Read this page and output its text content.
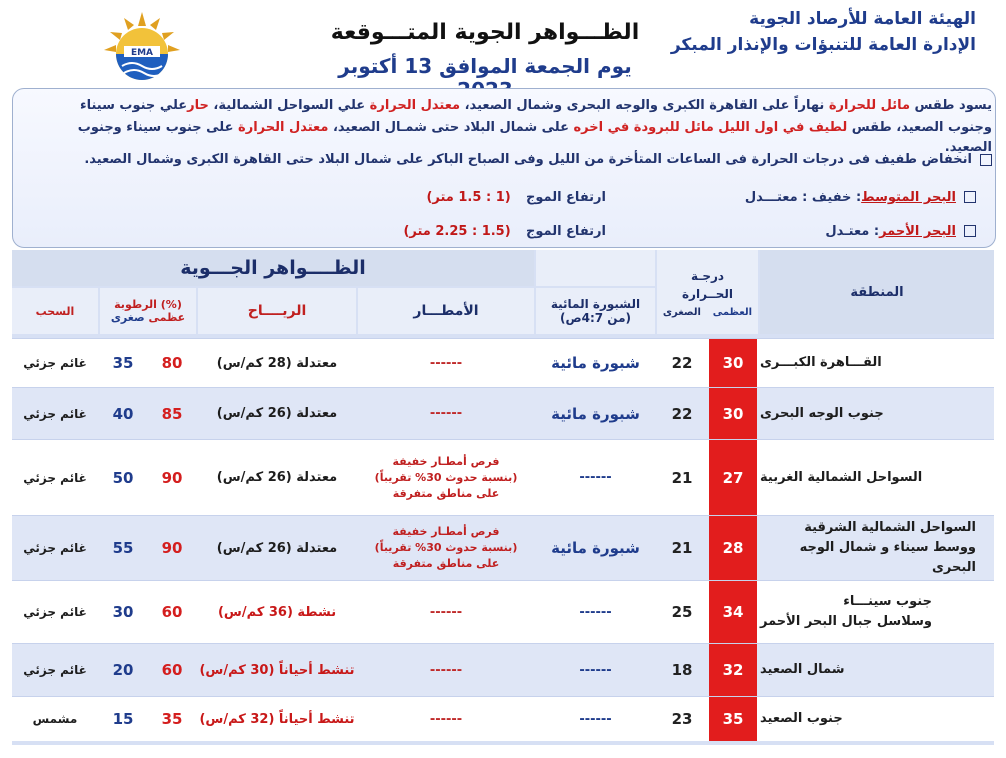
الهيئة العامة للأرصاد الجوية
الإدارة العامة للتنبؤات والإنذار المبكر
الظـــواهر الجوية المتـــوقعة
يوم الجمعة الموافق 13 أكتوبر
EMA
يسود طقس مائل للحرارة نهاراً على القاهرة الكبرى والوجه البحرى وشمال الصعيد، معتدل الحرارة علي السواحل الشمالية، حارعلي جنوب سيناء
وجنوب الصعيد، طقس لطيف في اول الليل مائل للبرودة في اخره على شمال البلاد حتى شمـال الصعيد، معتدل الحرارة على جنوب سيناء وجنوب الصعيد.
انخفاض طفيف فى درجات الحرارة فى الساعات المتأخرة من الليل وفى الصباح الباكر على شمال البلاد حتى القاهرة الكبرى وشمال الصعيد.
البحر المتوسط: خفيف : معتـــدل
ارتفاع الموج   (1 : 1.5 متر)
البحر الأحمر: معتـدل
ارتفاع الموج   (1.5 : 2.25 متر)
المنطقة
درجـة الحــرارة
الصغرى العظمى
الظــــواهر الجـــوية
الشبورة المائية
(من 4:7ص)
الأمطـــار
الريــــاح
الرطوبة (%)
عظمى صغرى
السحب
القـــاهرة الكبـــرى
30
22
شبورة مائية
------
معتدلة (28 كم/س)
80
35
غائم جزئي
جنوب الوجه البحرى
30
22
شبورة مائية
------
معتدلة (26 كم/س)
85
40
غائم جزئي
السواحل الشمالية الغربية
27
21
------
فرص أمطـار خفيفة
(بنسبة حدوث 30% تقريباً)
على مناطق متفرقة
معتدلة (26 كم/س)
90
50
غائم جزئي
السواحل الشمالية الشرقية
ووسط سيناء و شمال الوجه البحرى
28
21
شبورة مائية
فرص أمطـار خفيفة
(بنسبة حدوث 30% تقريباً)
على مناطق متفرقة
معتدلة (26 كم/س)
90
55
غائم جزئي
جنوب سينـــاء
وسلاسل جبال البحر الأحمر
34
25
------
------
نشطة (36 كم/س)
60
30
غائم جزئي
شمال الصعيد
32
18
------
------
تنشط أحياناً (30 كم/س)
60
20
غائم جزئي
جنوب الصعيد
35
23
------
------
تنشط أحياناً (32 كم/س)
35
15
مشمس
